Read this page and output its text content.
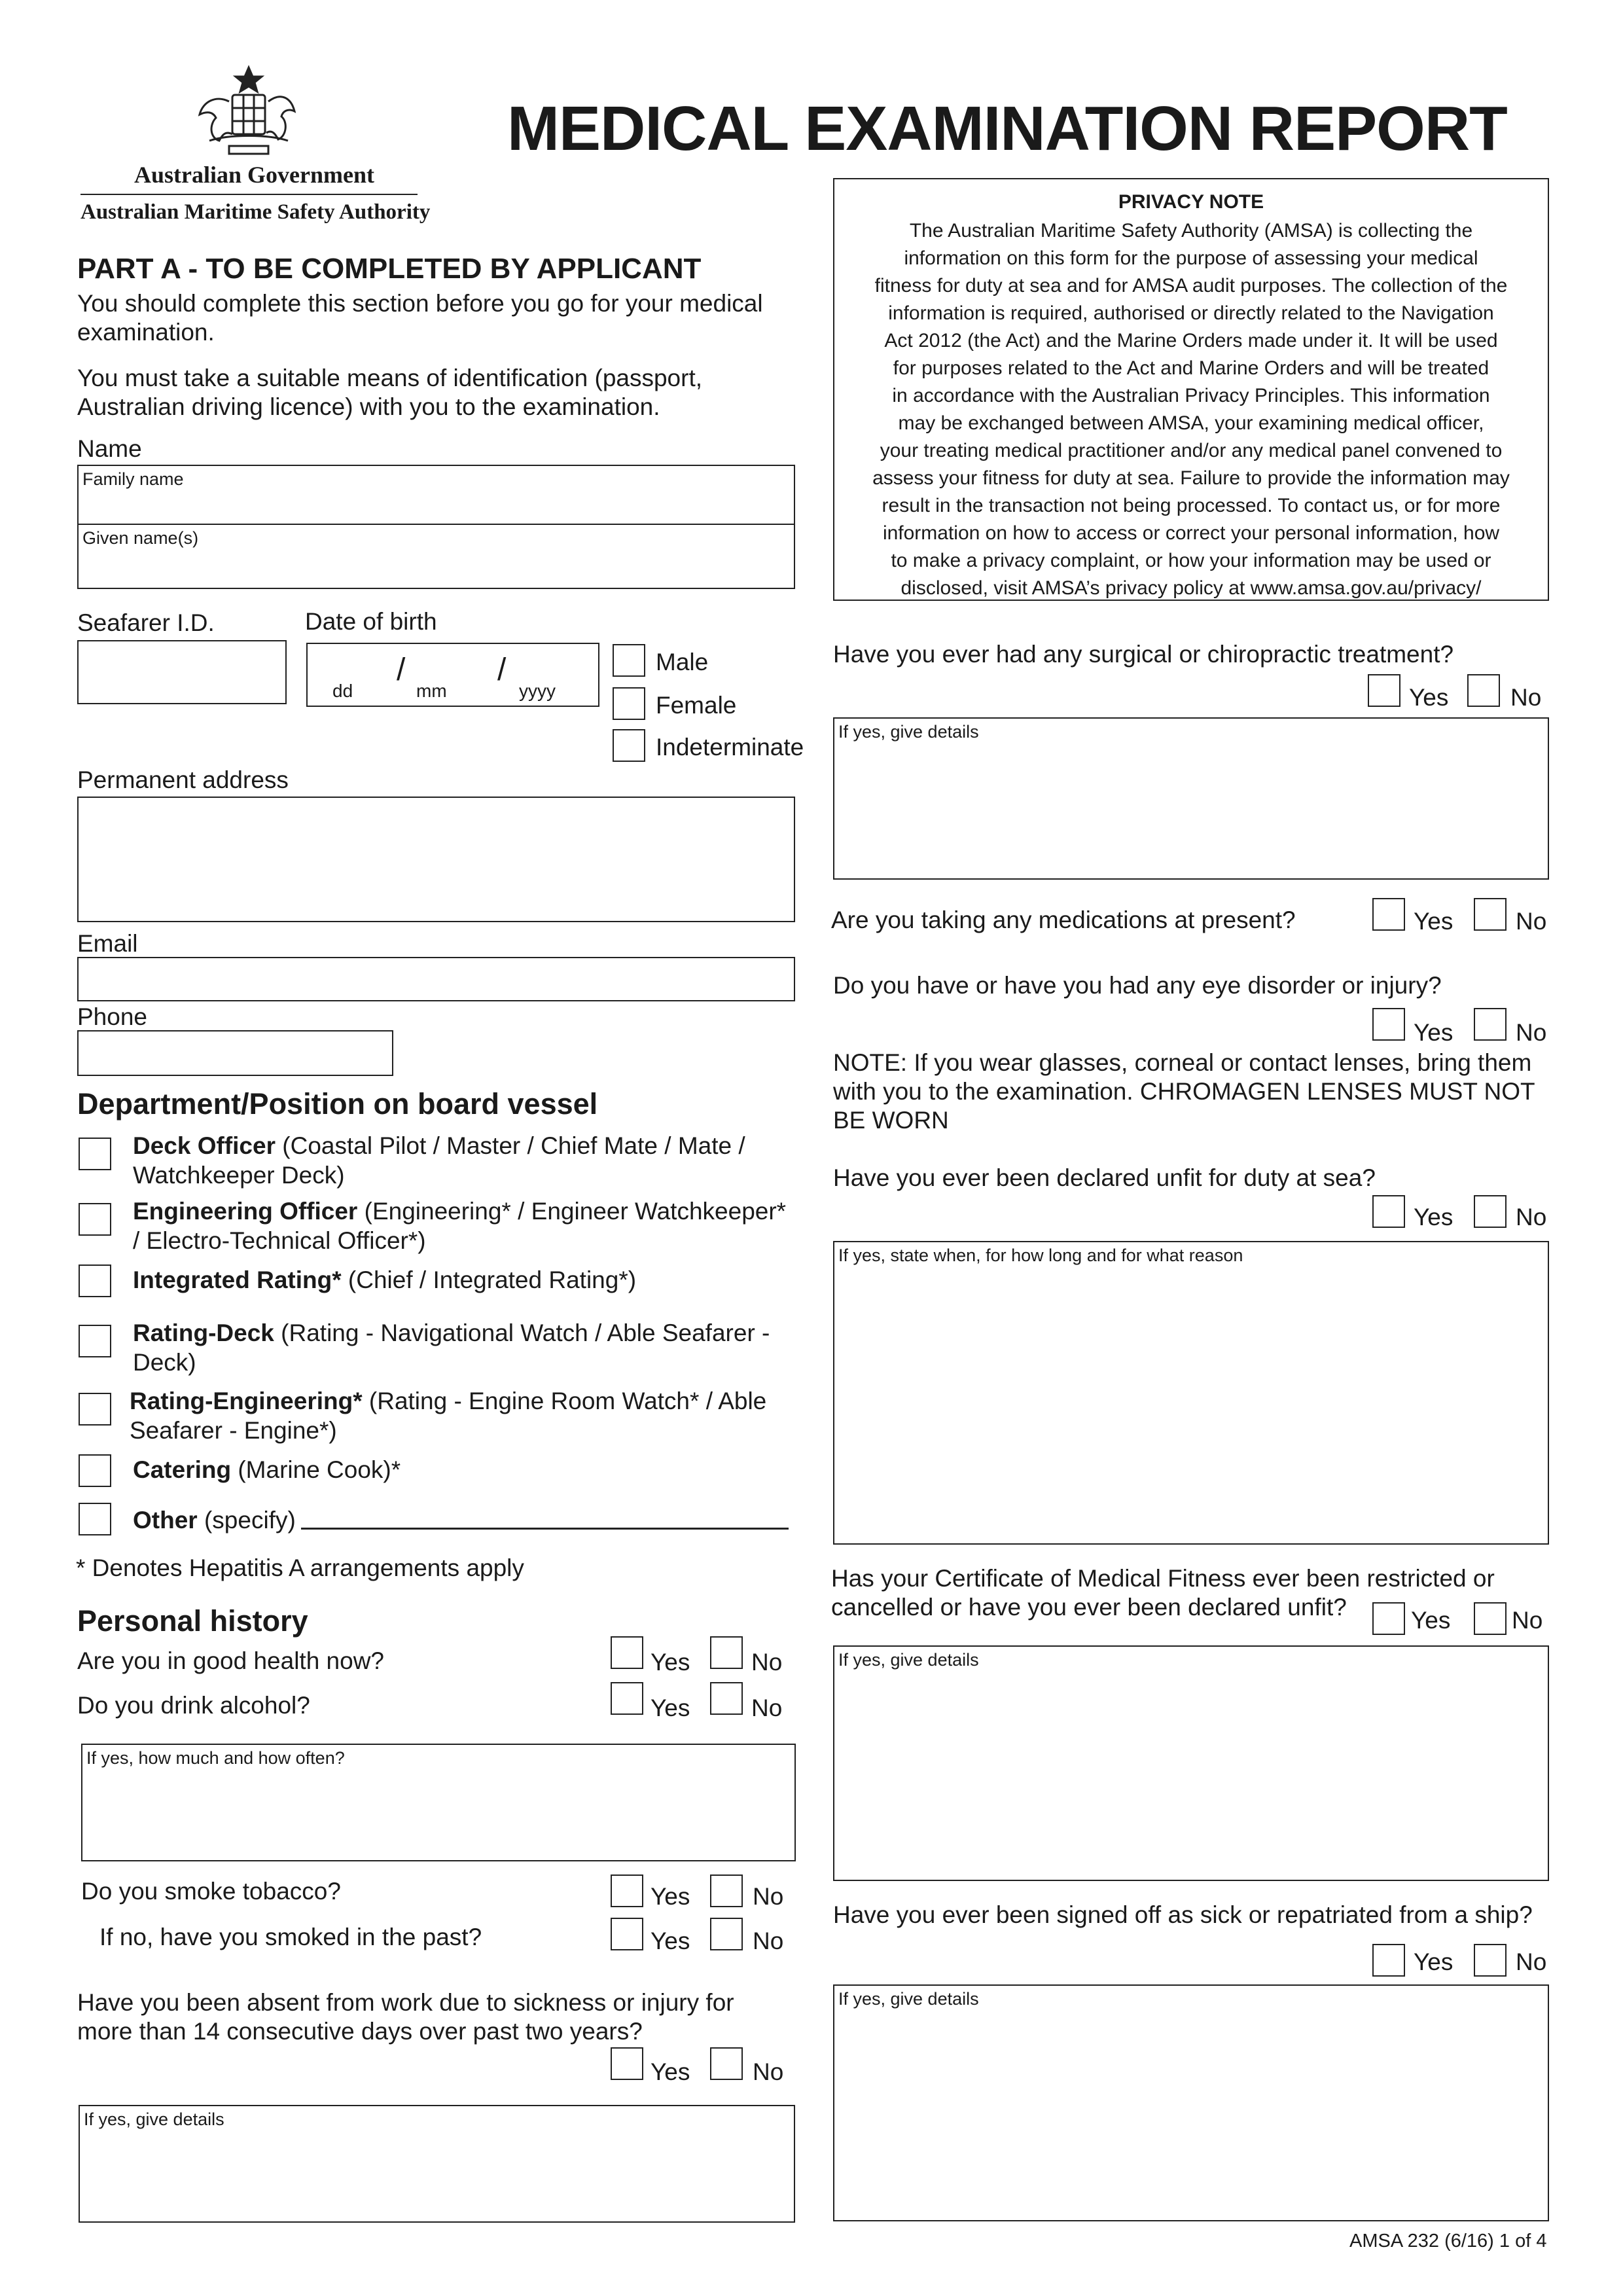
Australian Government
Australian Maritime Safety Authority
MEDICAL EXAMINATION REPORT
PRIVACY NOTE
The Australian Maritime Safety Authority (AMSA) is collecting the
information on this form for the purpose of assessing your medical
fitness for duty at sea and for AMSA audit purposes. The collection of the
information is required, authorised or directly related to the Navigation
Act 2012 (the Act) and the Marine Orders made under it. It will be used
for purposes related to the Act and Marine Orders and will be treated
in accordance with the Australian Privacy Principles. This information
may be exchanged between AMSA, your examining medical officer,
your treating medical practitioner and/or any medical panel convened to
assess your fitness for duty at sea. Failure to provide the information may
result in the transaction not being processed. To contact us, or for more
information on how to access or correct your personal information, how
to make a privacy complaint, or how your information may be used or
disclosed, visit AMSA’s privacy policy at www.amsa.gov.au/privacy/
PART A - TO BE COMPLETED BY APPLICANT
You should complete this section before you go for your medical
examination.
You must take a suitable means of identification (passport,
Australian driving licence) with you to the examination.
Name
Family name
Given name(s)
Seafarer I.D.	Date of birth
dd
/
mm
/
yyyy
Male
Female
Indeterminate
Permanent address
Email
Phone
Department/Position on board vessel
Deck Officer (Coastal Pilot / Master / Chief Mate / Mate /
Watchkeeper Deck)
Engineering Officer (Engineering* / Engineer Watchkeeper*
/ Electro-Technical Officer*)
Integrated Rating* (Chief / Integrated Rating*)
Rating-Deck (Rating - Navigational Watch / Able Seafarer -
Deck)
Rating-Engineering* (Rating - Engine Room Watch* / Able
Seafarer - Engine*)
Catering (Marine Cook)*
Other (specify)
* Denotes Hepatitis A arrangements apply
Personal history
Are you in good health now?	Yes	No
Do you drink alcohol?	Yes	No
If yes, how much and how often?
Do you smoke tobacco?	Yes	No
If no, have you smoked in the past?	Yes	No
Have you been absent from work due to sickness or injury for
more than 14 consecutive days over past two years?
Yes	No
If yes, give details
Have you ever had any surgical or chiropractic treatment?
Yes	No
If yes, give details
Are you taking any medications at present?	Yes	No
Do you have or have you had any eye disorder or injury?
Yes	No
NOTE: If you wear glasses, corneal or contact lenses, bring them
with you to the examination. CHROMAGEN LENSES MUST NOT
BE WORN
Have you ever been declared unfit for duty at sea?
Yes	No
If yes, state when, for how long and for what reason
Has your Certificate of Medical Fitness ever been restricted or
cancelled or have you ever been declared unfit?	Yes	No
If yes, give details
Have you ever been signed off as sick or repatriated from a ship?
Yes	No
If yes, give details
AMSA 232 (6/16) 1 of 4
